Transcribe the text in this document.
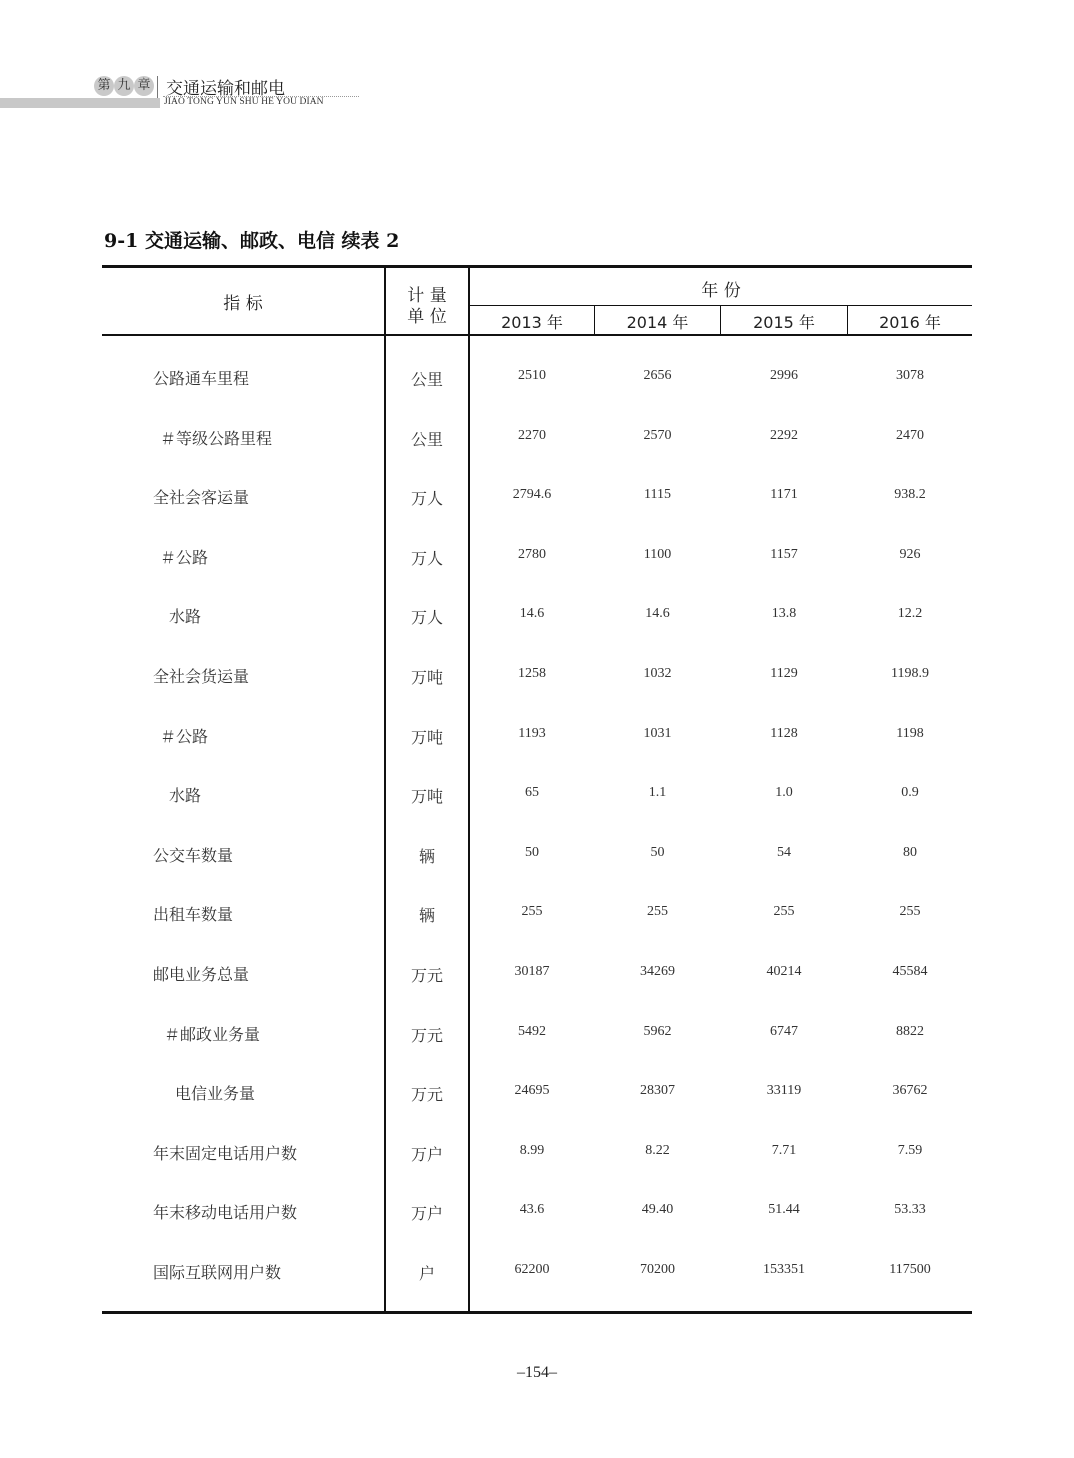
第 九 章 交通运输和邮电
JIAO TONG YUN SHU HE YOU DIAN
9-1 交通运输、邮政、电信 续表 2
指 标	计 量
单 位
年 份
2013 年	2014 年	2015 年	2016 年
公路通车里程	公里	2510	2656	2996	3078
＃等级公路里程	公里	2270	2570	2292	2470
全社会客运量	万人	2794.6	1115	1171	938.2
＃公路	万人	2780	1100	1157	926
水路	万人	14.6	14.6	13.8	12.2
全社会货运量	万吨	1258	1032	1129	1198.9
＃公路	万吨	1193	1031	1128	1198
水路	万吨	65	1.1	1.0	0.9
公交车数量	辆	50	50	54	80
出租车数量	辆	255	255	255	255
邮电业务总量	万元	30187	34269	40214	45584
＃邮政业务量	万元	5492	5962	6747	8822
电信业务量	万元	24695	28307	33119	36762
年末固定电话用户数	万户	8.99	8.22	7.71	7.59
年末移动电话用户数	万户	43.6	49.40	51.44	53.33
国际互联网用户数	户	62200	70200	153351	117500
–154–
